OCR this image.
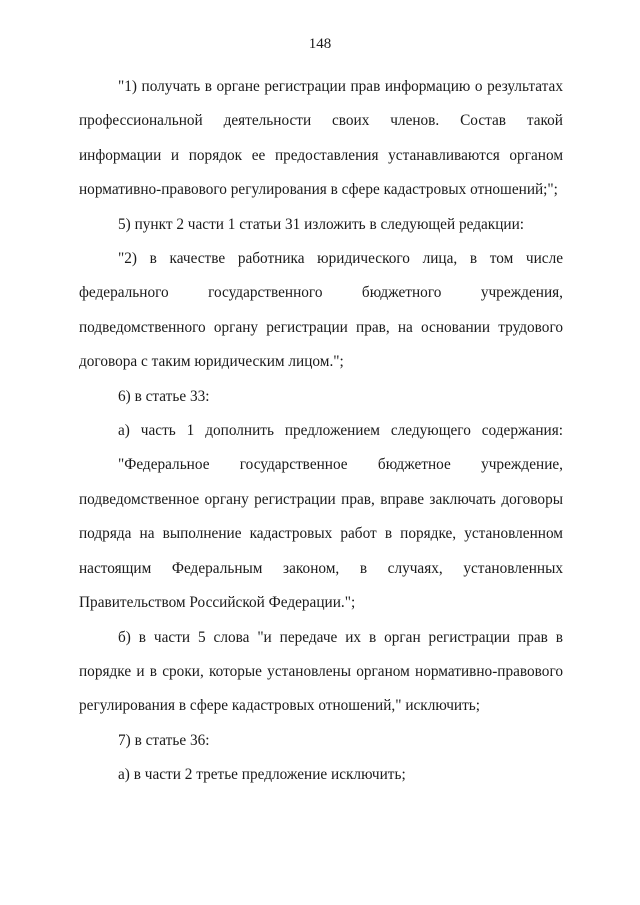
148

"1) получать в органе регистрации прав информацию о результатах профессиональной деятельности своих членов. Состав такой информации и порядок ее предоставления устанавливаются органом нормативно-правового регулирования в сфере кадастровых отношений;";

5) пункт 2 части 1 статьи 31 изложить в следующей редакции:

"2) в качестве работника юридического лица, в том числе федерального государственного бюджетного учреждения, подведомственного органу регистрации прав, на основании трудового договора с таким юридическим лицом.";

6) в статье 33:

а) часть 1 дополнить предложением следующего содержания:

"Федеральное государственное бюджетное учреждение, подведомственное органу регистрации прав, вправе заключать договоры подряда на выполнение кадастровых работ в порядке, установленном настоящим Федеральным законом, в случаях, установленных Правительством Российской Федерации.";

б) в части 5 слова "и передаче их в орган регистрации прав в порядке и в сроки, которые установлены органом нормативно-правового регулирования в сфере кадастровых отношений," исключить;

7) в статье 36:

а) в части 2 третье предложение исключить;
